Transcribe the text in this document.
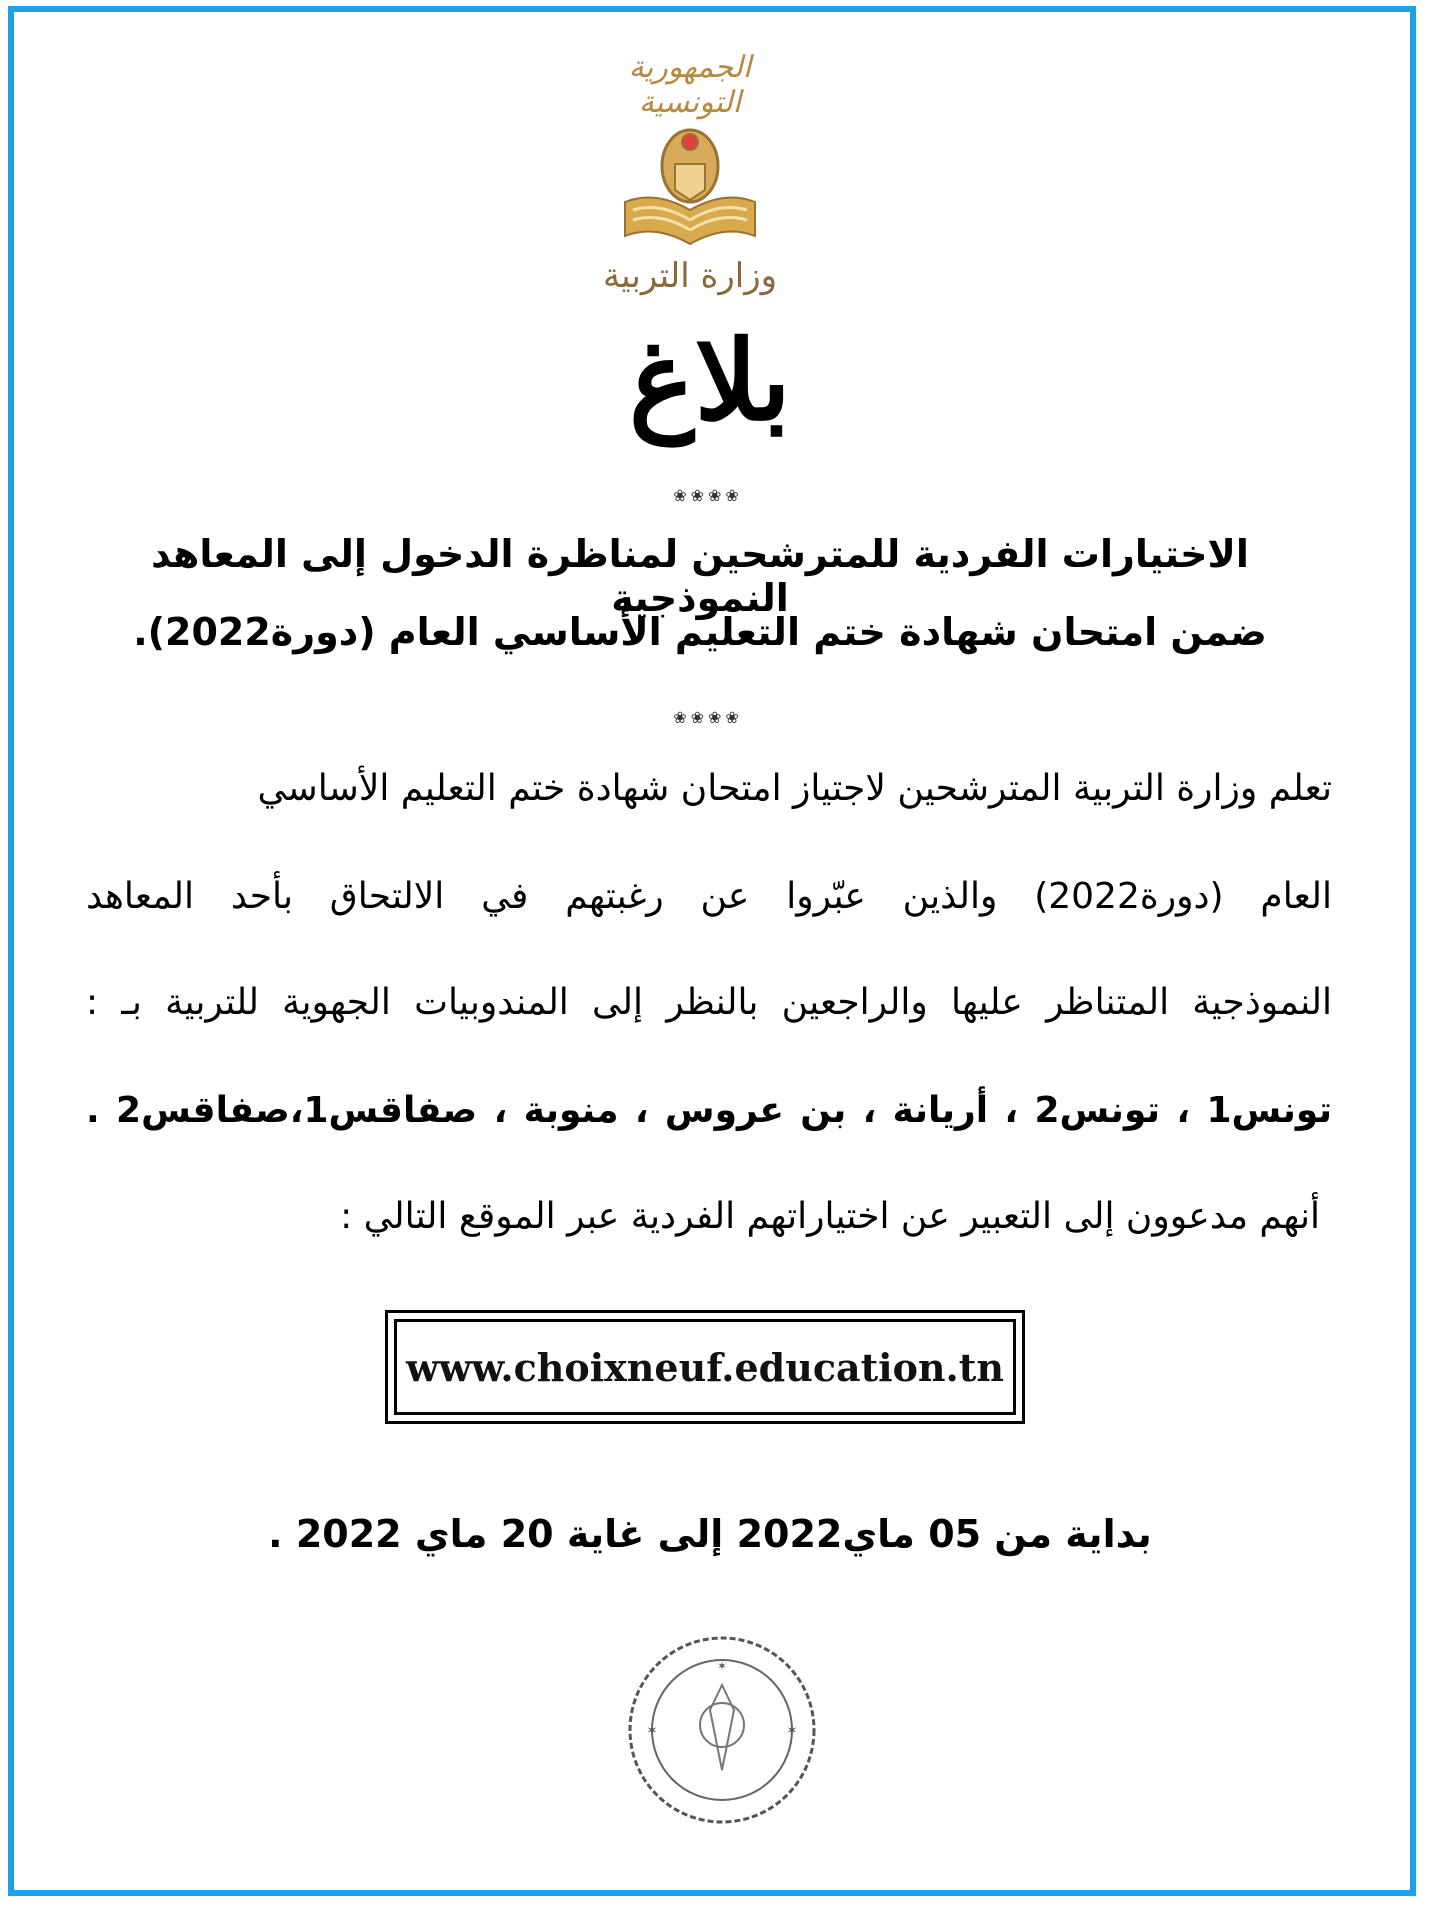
الجمهورية التونسية
وزارة التربية
بلاغ
❀❀❀❀
الاختيارات الفردية للمترشحين لمناظرة الدخول إلى المعاهد النموذجية
ضمن امتحان شهادة ختم التعليم الأساسي العام (دورة2022).
❀❀❀❀
تعلم وزارة التربية المترشحين لاجتياز امتحان شهادة ختم التعليم الأساسي
العام (دورة2022) والذين عبّروا عن رغبتهم في الالتحاق بأحد المعاهد
النموذجية المتناظر عليها والراجعين بالنظر إلى المندوبيات الجهوية للتربية بـ :
تونس1 ، تونس2 ، أريانة ، بن عروس ، منوبة ، صفاقس1،صفاقس2 .
أنهم مدعوون إلى التعبير عن اختياراتهم الفردية عبر الموقع التالي :
www.choixneuf.education.tn
بداية من 05 ماي2022 إلى غاية 20 ماي 2022 .
✶
✶	✶
